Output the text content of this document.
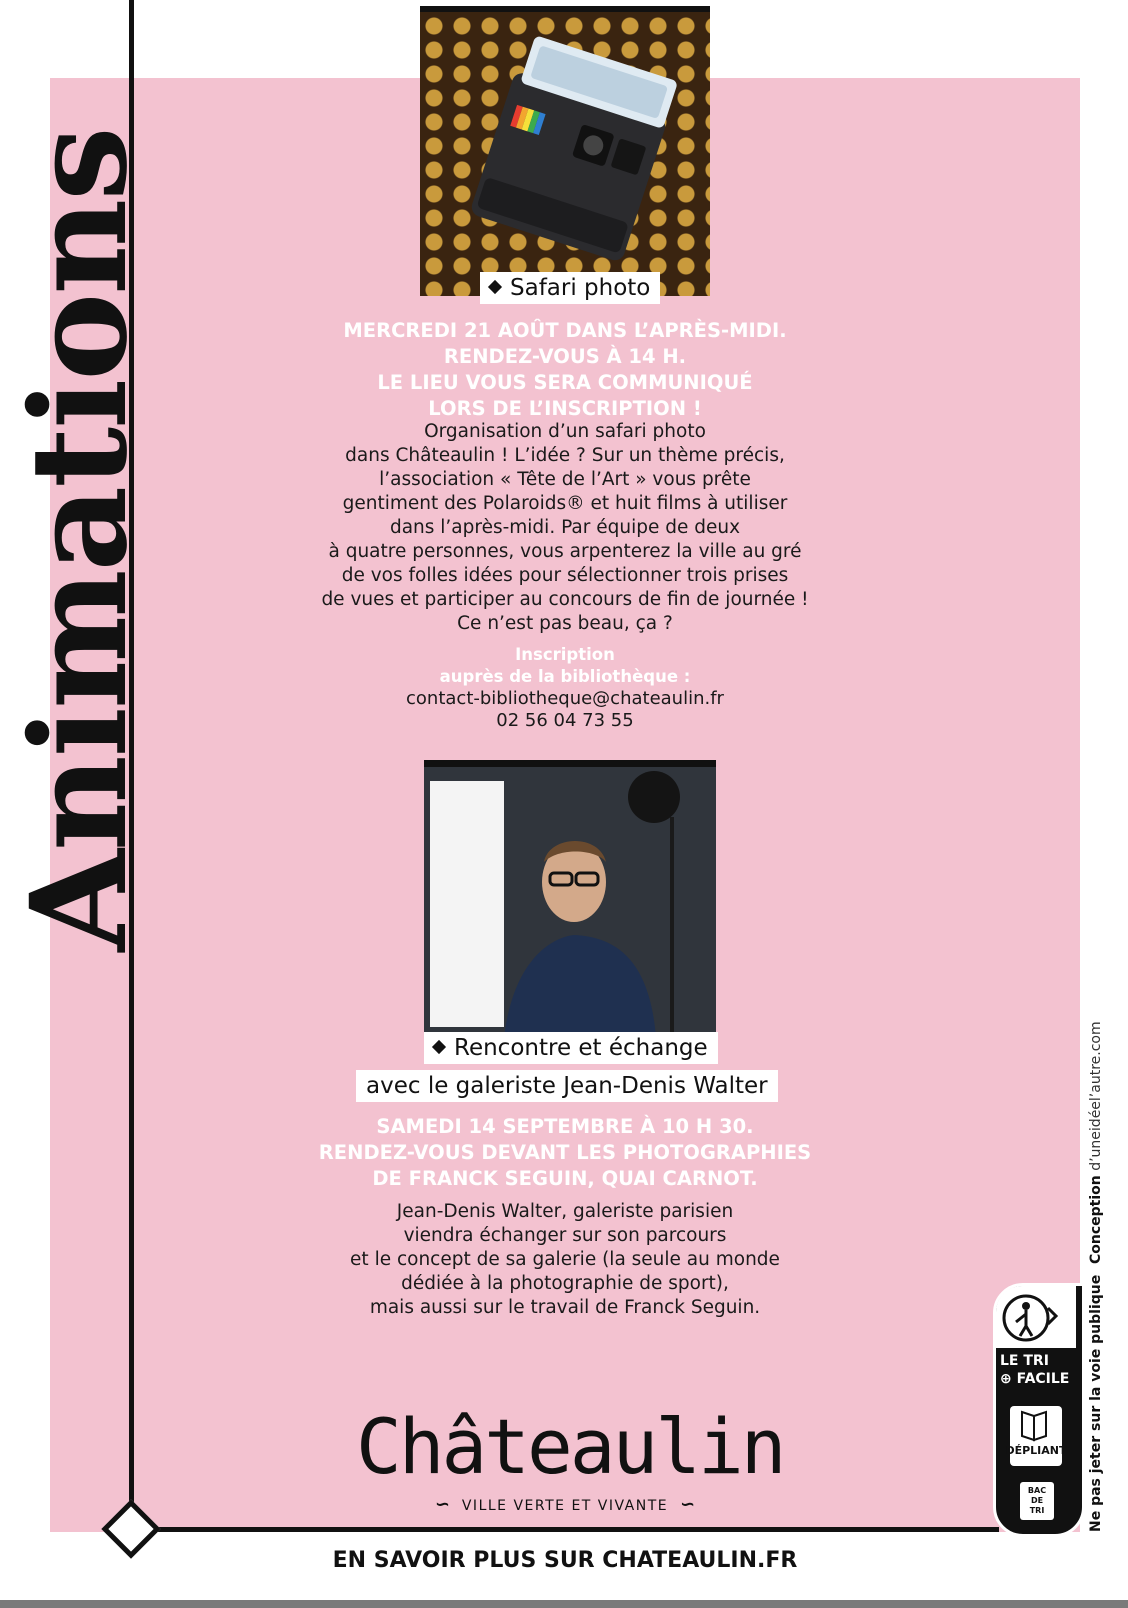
Animations	Safari photo
MERCREDI 21 AOÛT DANS L’APRÈS-MIDI.
RENDEZ-VOUS À 14 H.
LE LIEU VOUS SERA COMMUNIQUÉ
LORS DE L’INSCRIPTION !
Organisation d’un safari photo
dans Châteaulin ! L’idée ? Sur un thème précis,
l’association « Tête de l’Art » vous prête
gentiment des Polaroids® et huit films à utiliser
dans l’après-midi. Par équipe de deux
à quatre personnes, vous arpenterez la ville au gré
de vos folles idées pour sélectionner trois prises
de vues et participer au concours de fin de journée !
Ce n’est pas beau, ça ?
Inscription
auprès de la bibliothèque :
contact-bibliotheque@chateaulin.fr
02 56 04 73 55
Rencontre et échange
avec le galeriste Jean-Denis Walter
SAMEDI 14 SEPTEMBRE À 10 H 30.
RENDEZ-VOUS DEVANT LES PHOTOGRAPHIES
DE FRANCK SEGUIN, QUAI CARNOT.
Jean-Denis Walter, galeriste parisien
viendra échanger sur son parcours
et le concept de sa galerie (la seule au monde
dédiée à la photographie de sport),
mais aussi sur le travail de Franck Seguin.
Châteaulin
∽ VILLE VERTE ET VIVANTE ∽
EN SAVOIR PLUS SUR CHATEAULIN.FR
LE TRI
⊕ FACILE
DÉPLIANT
BAC
DE
TRI	Ne pas jeter sur la voie publique
Conception d’uneidéel’autre.com
